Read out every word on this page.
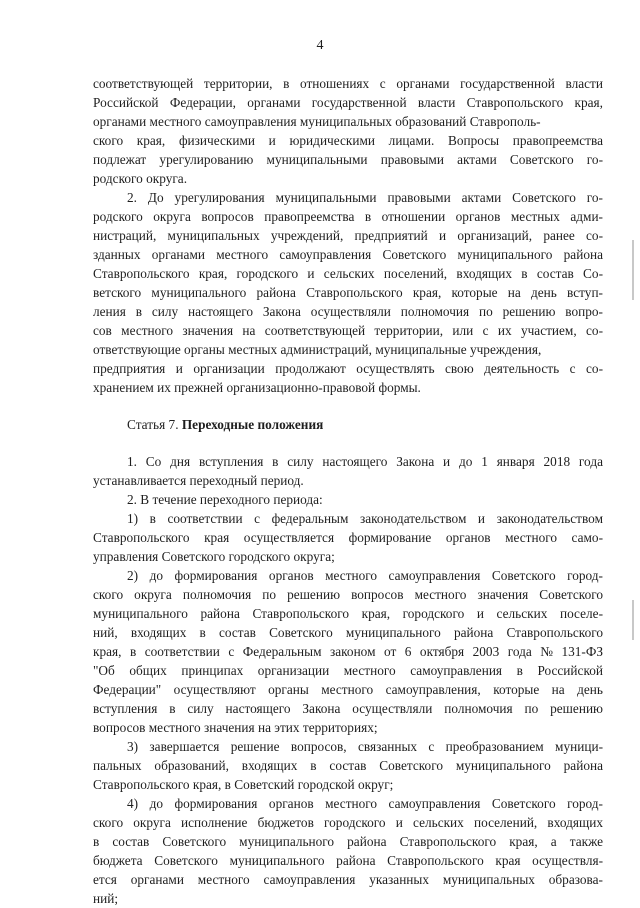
4
соответствующей территории, в отношениях с органами государственной власти
Российской Федерации, органами государственной власти Ставропольского края,
органами местного самоуправления муниципальных образований Ставрополь-
ского края, физическими и юридическими лицами. Вопросы правопреемства
подлежат урегулированию муниципальными правовыми актами Советского го-
родского округа.
2. До урегулирования муниципальными правовыми актами Советского го-
родского округа вопросов правопреемства в отношении органов местных адми-
нистраций, муниципальных учреждений, предприятий и организаций, ранее со-
зданных органами местного самоуправления Советского муниципального района
Ставропольского края, городского и сельских поселений, входящих в состав Со-
ветского муниципального района Ставропольского края, которые на день вступ-
ления в силу настоящего Закона осуществляли полномочия по решению вопро-
сов местного значения на соответствующей территории, или с их участием, со-
ответствующие органы местных администраций, муниципальные учреждения,
предприятия и организации продолжают осуществлять свою деятельность с со-
хранением их прежней организационно-правовой формы.
Статья 7. Переходные положения
1. Со дня вступления в силу настоящего Закона и до 1 января 2018 года
устанавливается переходный период.
2. В течение переходного периода:
1) в соответствии с федеральным законодательством и законодательством
Ставропольского края осуществляется формирование органов местного само-
управления Советского городского округа;
2) до формирования органов местного самоуправления Советского город-
ского округа полномочия по решению вопросов местного значения Советского
муниципального района Ставропольского края, городского и сельских поселе-
ний, входящих в состав Советского муниципального района Ставропольского
края, в соответствии с Федеральным законом от 6 октября 2003 года № 131-ФЗ
"Об общих принципах организации местного самоуправления в Российской
Федерации" осуществляют органы местного самоуправления, которые на день
вступления в силу настоящего Закона осуществляли полномочия по решению
вопросов местного значения на этих территориях;
3) завершается решение вопросов, связанных с преобразованием муници-
пальных образований, входящих в состав Советского муниципального района
Ставропольского края, в Советский городской округ;
4) до формирования органов местного самоуправления Советского город-
ского округа исполнение бюджетов городского и сельских поселений, входящих
в состав Советского муниципального района Ставропольского края, а также
бюджета Советского муниципального района Ставропольского края осуществля-
ется органами местного самоуправления указанных муниципальных образова-
ний;
